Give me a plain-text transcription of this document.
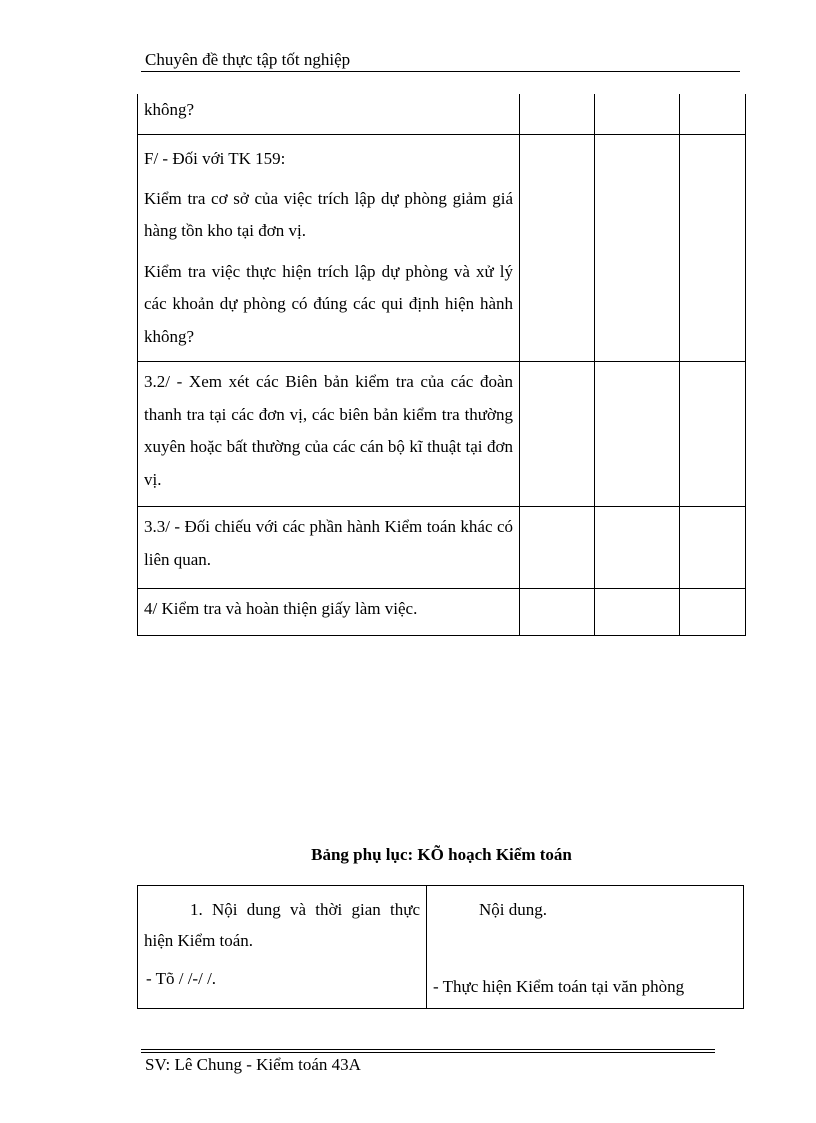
Chuyên đề thực tập tốt nghiệp

không?

F/ - Đối với TK 159:

Kiểm tra cơ sở của việc trích lập dự phòng giảm giá hàng tồn kho tại đơn vị.

Kiểm tra việc thực hiện trích lập dự phòng và xử lý các khoản dự phòng có đúng các qui định hiện hành không?

3.2/ - Xem xét các Biên bản kiểm tra của các đoàn thanh tra tại các đơn vị, các biên bản kiểm tra thường xuyên hoặc bất thường của các cán bộ kĩ thuật tại đơn vị.

3.3/ - Đối chiếu với các phần hành Kiểm toán khác có liên quan.

4/ Kiểm tra và hoàn thiện giấy làm việc.

Bảng phụ lục: KÕ hoạch Kiểm toán

1. Nội dung và thời gian thực hiện Kiểm toán.

- Tõ / /-/ /.

Nội dung.

- Thực hiện Kiểm toán tại văn phòng

SV: Lê Chung - Kiểm toán 43A
